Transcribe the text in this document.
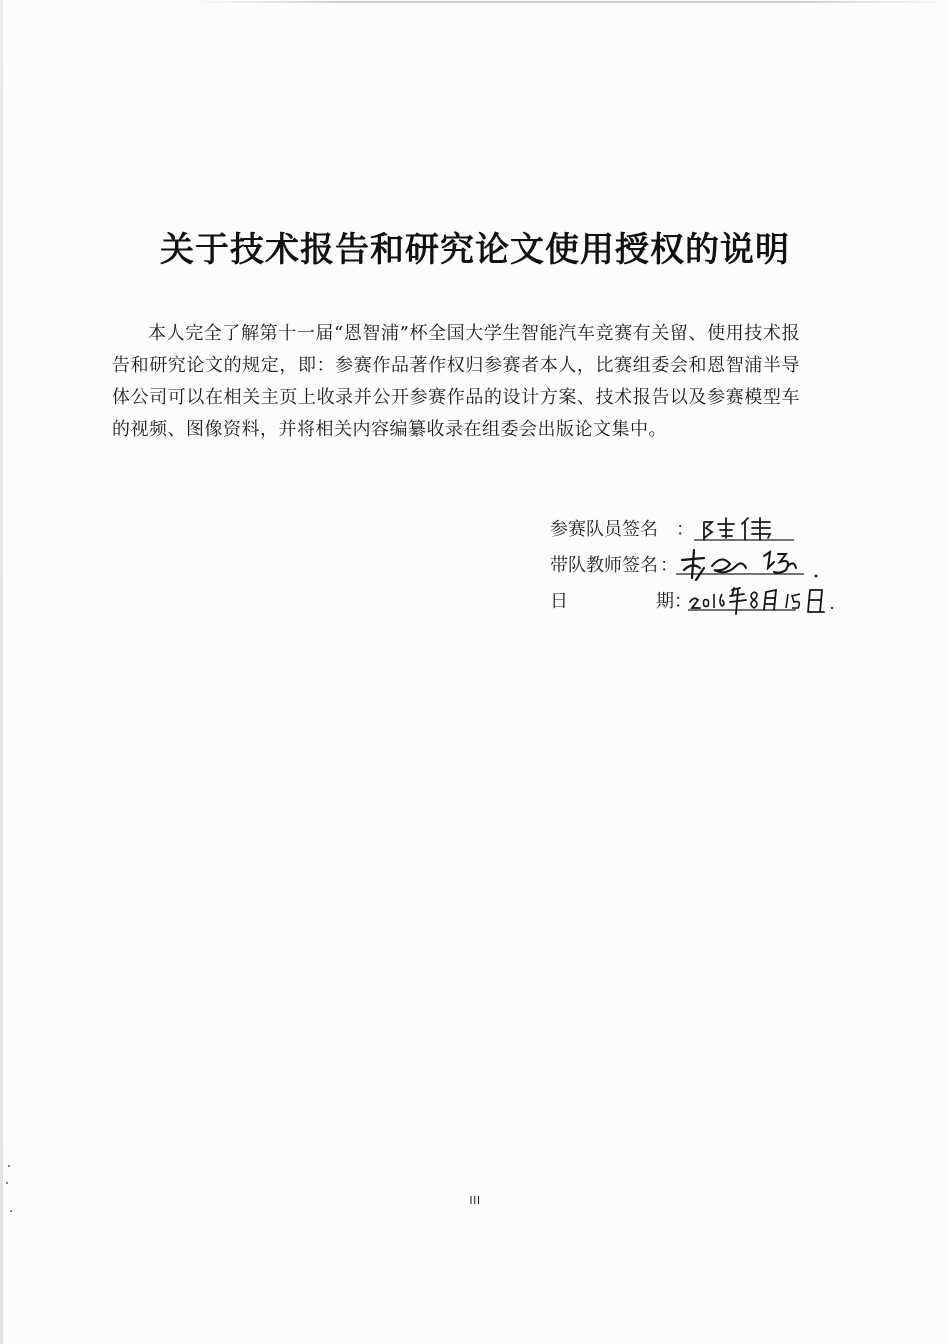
关于技术报告和研究论文使用授权的说明

本人完全了解第十一届“恩智浦”杯全国大学生智能汽车竞赛有关留、使用技术报告和研究论文的规定，即：参赛作品著作权归参赛者本人，比赛组委会和恩智浦半导体公司可以在相关主页上收录并公开参赛作品的设计方案、技术报告以及参赛模型车的视频、图像资料，并将相关内容编纂收录在组委会出版论文集中。

参赛队员签名 ：
带队教师签名 ：
日	期 ：
III
